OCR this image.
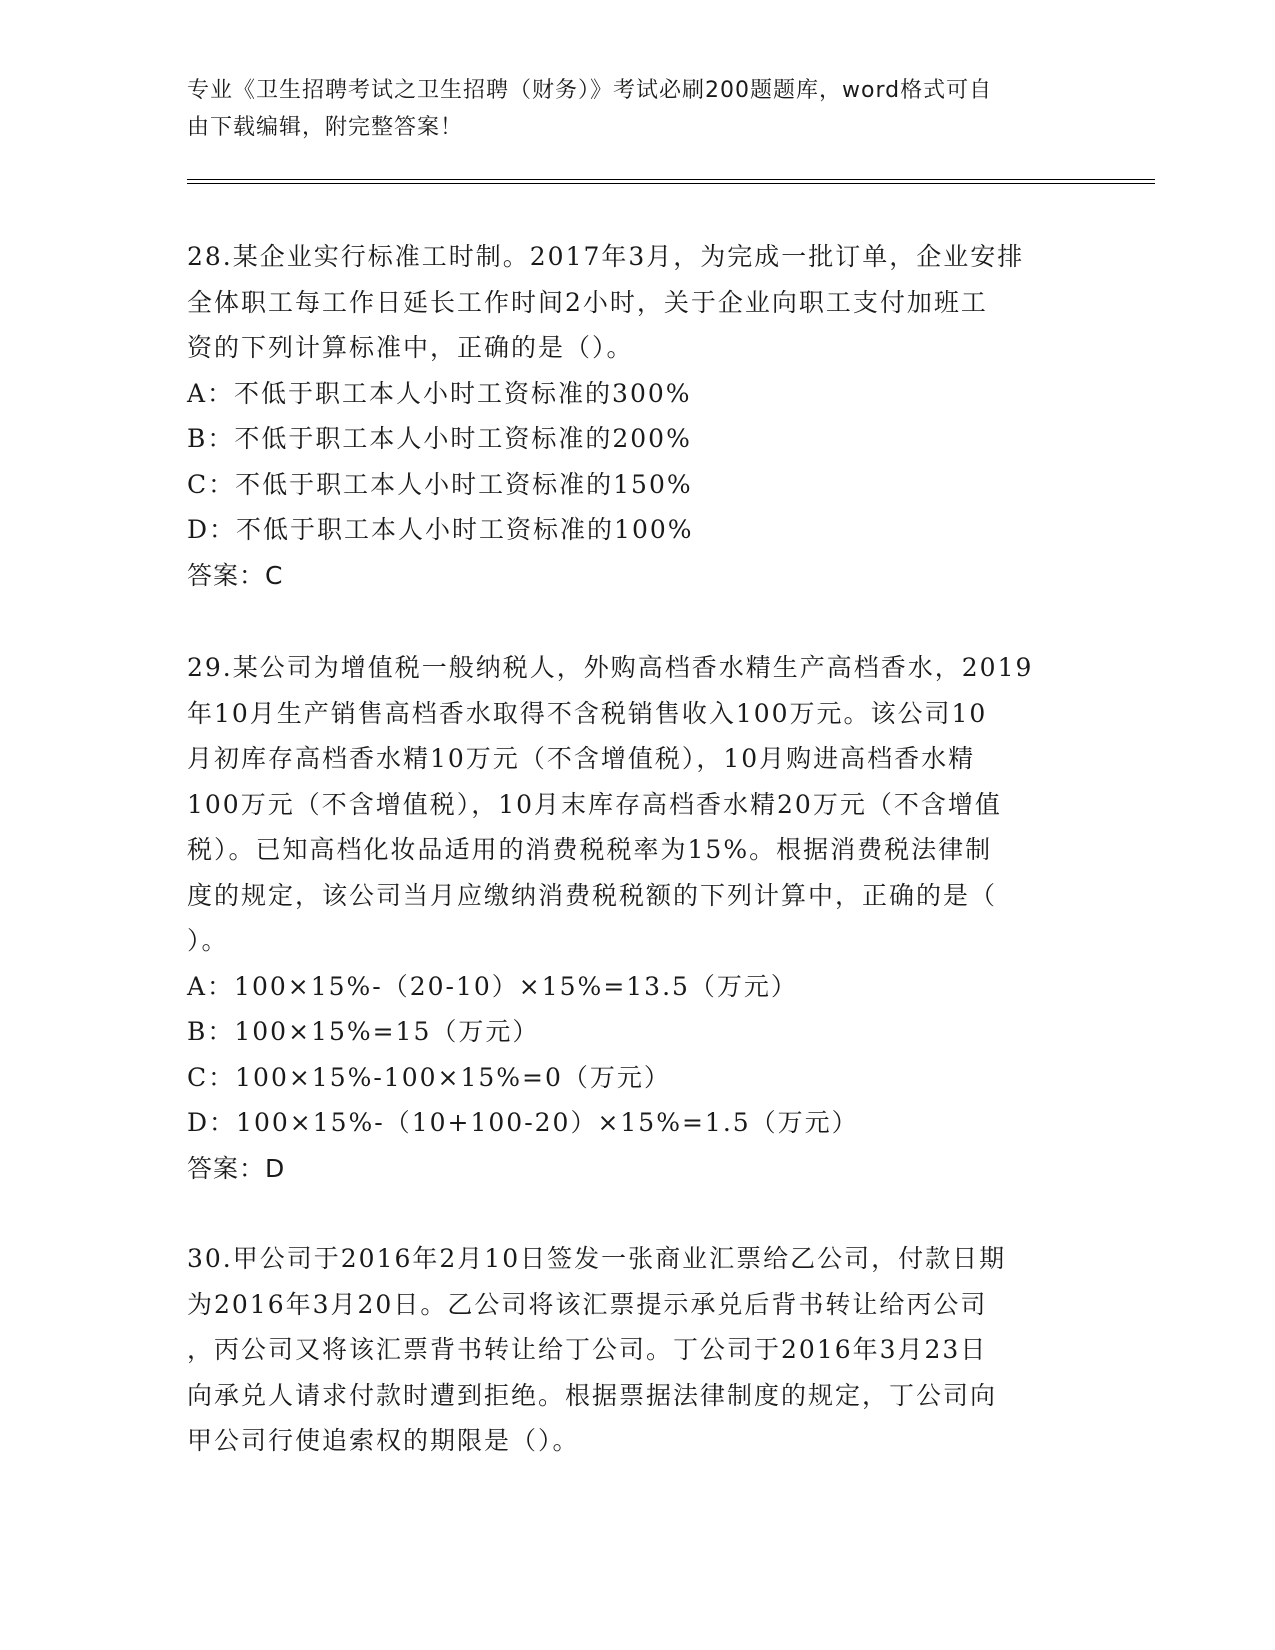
专业《卫生招聘考试之卫生招聘（财务）》考试必刷200题题库，word格式可自
由下载编辑，附完整答案！

28.某企业实行标准工时制。2017年3月，为完成一批订单，企业安排
全体职工每工作日延长工作时间2小时，关于企业向职工支付加班工
资的下列计算标准中，正确的是（）。

A：不低于职工本人小时工资标准的300%

B：不低于职工本人小时工资标准的200%

C：不低于职工本人小时工资标准的150%

D：不低于职工本人小时工资标准的100%

答案：C

29.某公司为增值税一般纳税人，外购高档香水精生产高档香水，2019
年10月生产销售高档香水取得不含税销售收入100万元。该公司10
月初库存高档香水精10万元（不含增值税），10月购进高档香水精
100万元（不含增值税），10月末库存高档香水精20万元（不含增值
税）。已知高档化妆品适用的消费税税率为15%。根据消费税法律制
度的规定，该公司当月应缴纳消费税税额的下列计算中，正确的是（
）。

A：100×15%-（20-10）×15%=13.5（万元）

B：100×15%=15（万元）

C：100×15%-100×15%=0（万元）

D：100×15%-（10+100-20）×15%=1.5（万元）

答案：D

30.甲公司于2016年2月10日签发一张商业汇票给乙公司，付款日期
为2016年3月20日。乙公司将该汇票提示承兑后背书转让给丙公司
，丙公司又将该汇票背书转让给丁公司。丁公司于2016年3月23日
向承兑人请求付款时遭到拒绝。根据票据法律制度的规定，丁公司向
甲公司行使追索权的期限是（）。
